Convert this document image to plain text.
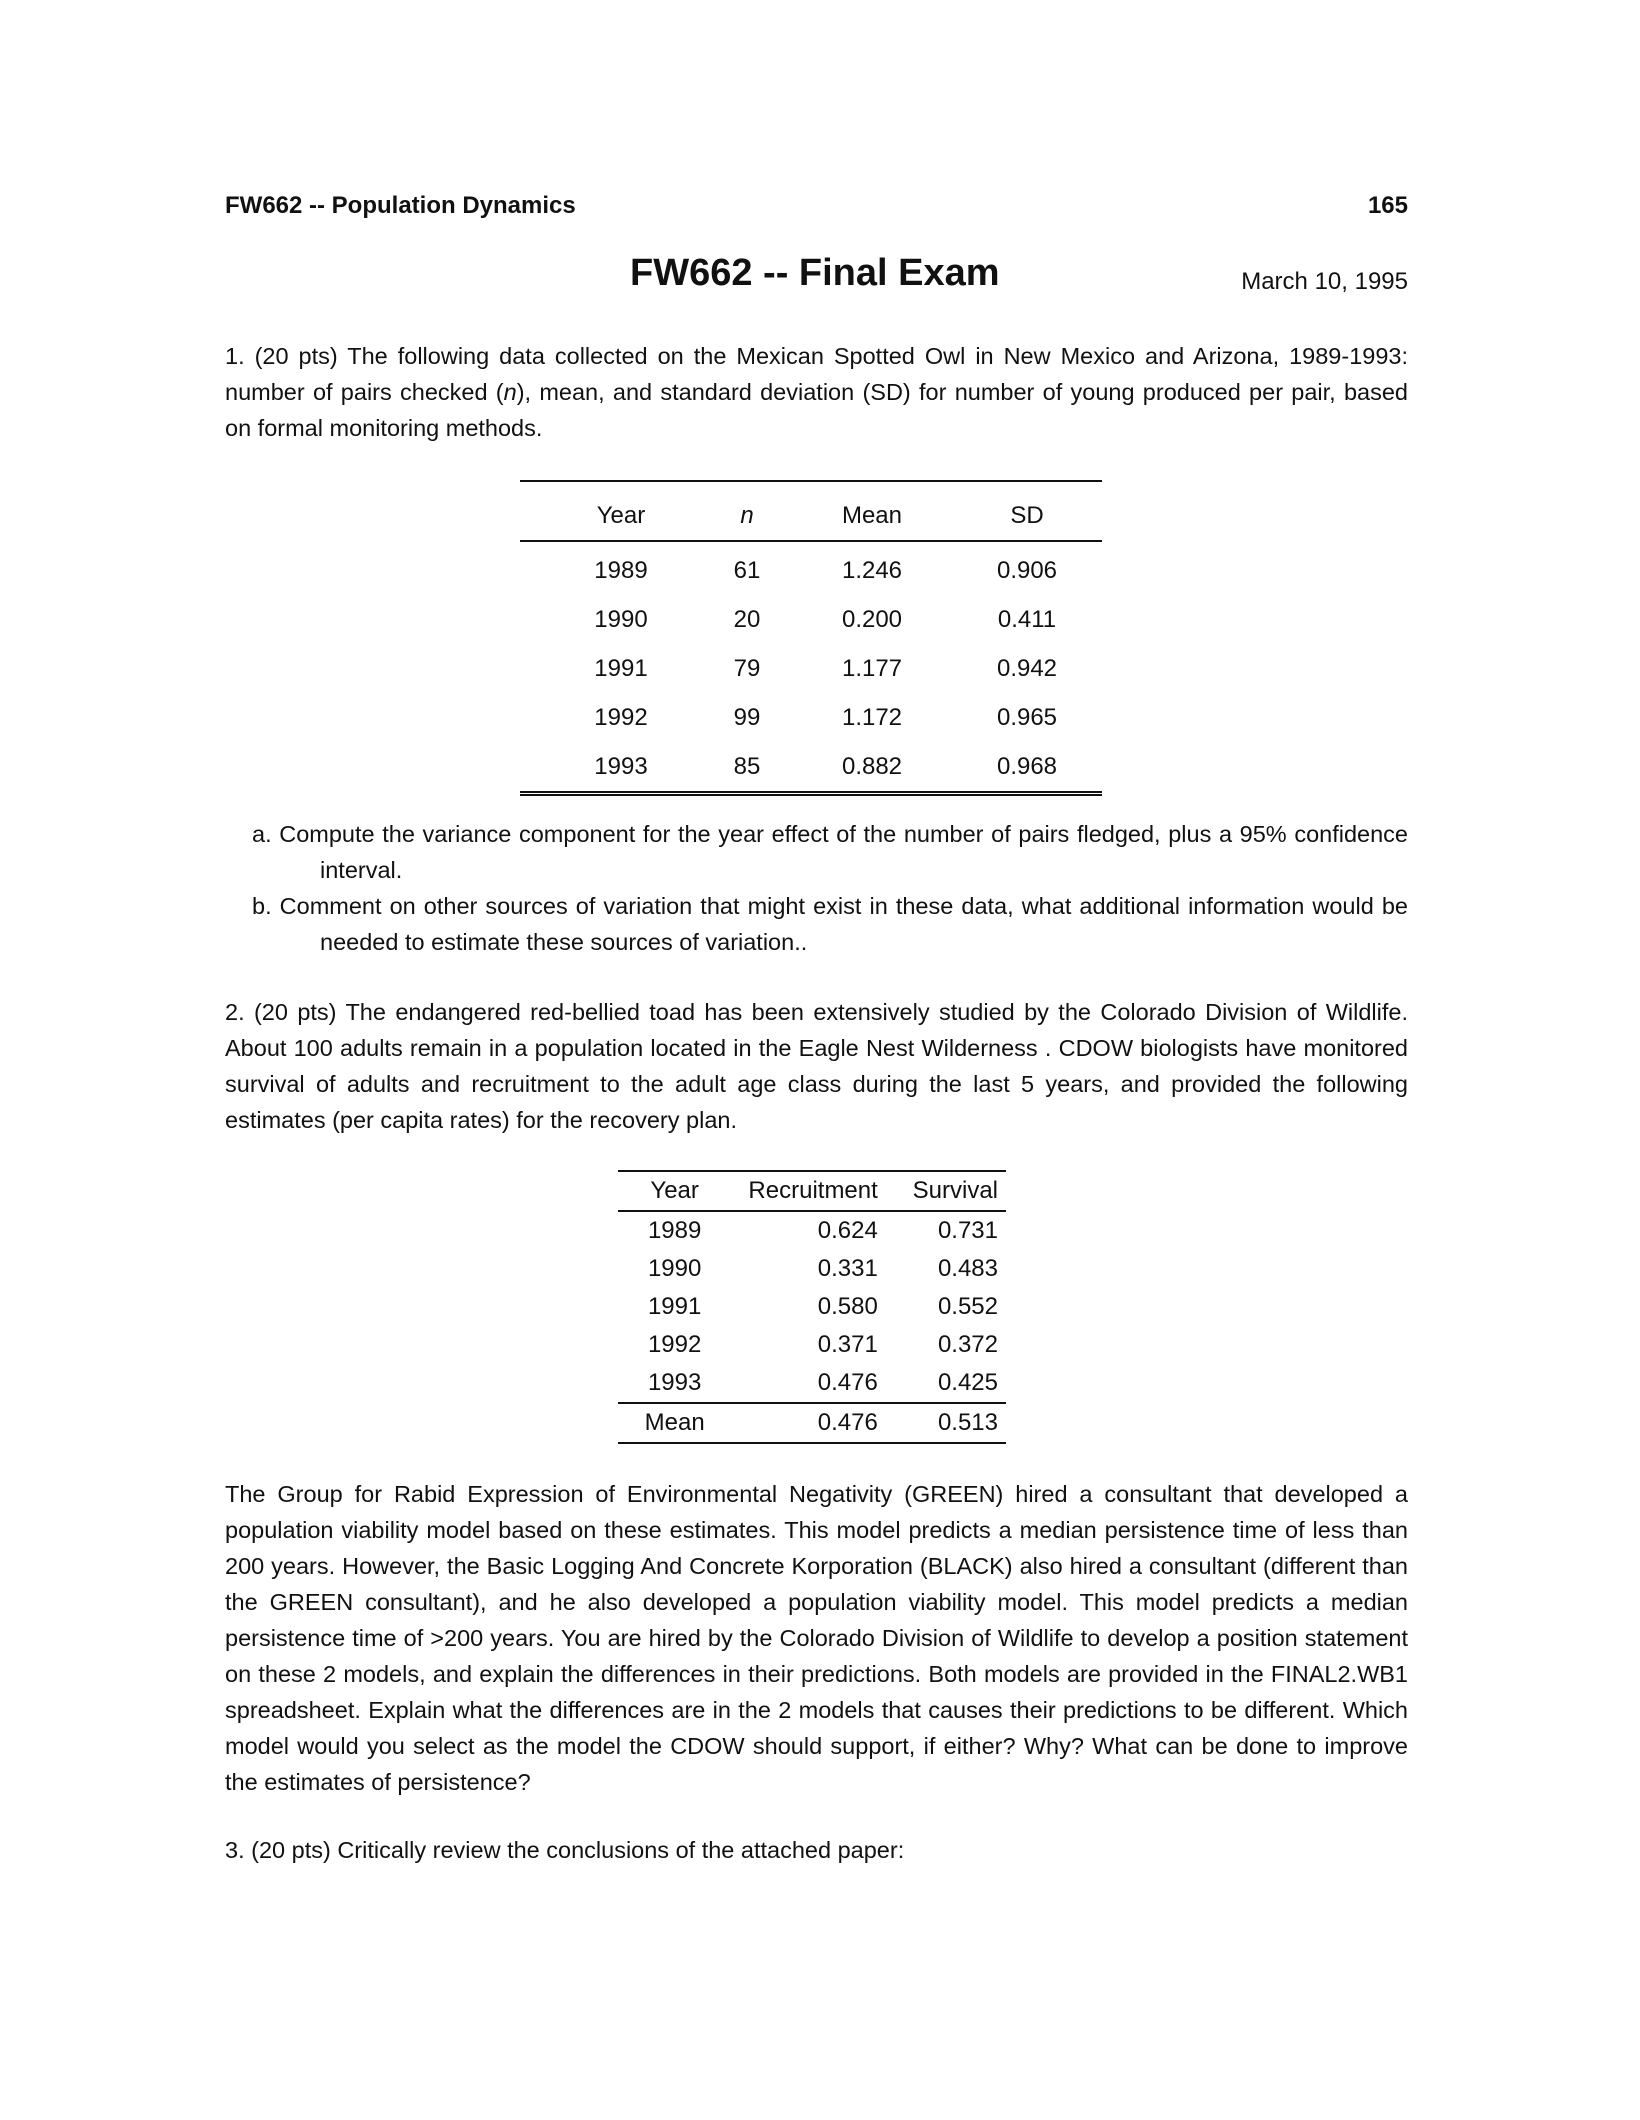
FW662 -- Population Dynamics	165
FW662 -- Final Exam	March 10, 1995

1. (20 pts) The following data collected on the Mexican Spotted Owl in New Mexico and Arizona, 1989-1993: number of pairs checked (n), mean, and standard deviation (SD) for number of young produced per pair, based on formal monitoring methods.

Year	n	Mean	SD
1989	61	1.246	0.906
1990	20	0.200	0.411
1991	79	1.177	0.942
1992	99	1.172	0.965
1993	85	0.882	0.968

a. Compute the variance component for the year effect of the number of pairs fledged, plus a 95% confidence interval.

b. Comment on other sources of variation that might exist in these data, what additional information would be needed to estimate these sources of variation..

2. (20 pts) The endangered red-bellied toad has been extensively studied by the Colorado Division of Wildlife. About 100 adults remain in a population located in the Eagle Nest Wilderness . CDOW biologists have monitored survival of adults and recruitment to the adult age class during the last 5 years, and provided the following estimates (per capita rates) for the recovery plan.

Year	Recruitment	Survival
1989	0.624	0.731
1990	0.331	0.483
1991	0.580	0.552
1992	0.371	0.372
1993	0.476	0.425
Mean	0.476	0.513

The Group for Rabid Expression of Environmental Negativity (GREEN) hired a consultant that developed a population viability model based on these estimates. This model predicts a median persistence time of less than 200 years. However, the Basic Logging And Concrete Korporation (BLACK) also hired a consultant (different than the GREEN consultant), and he also developed a population viability model. This model predicts a median persistence time of >200 years. You are hired by the Colorado Division of Wildlife to develop a position statement on these 2 models, and explain the differences in their predictions. Both models are provided in the FINAL2.WB1 spreadsheet. Explain what the differences are in the 2 models that causes their predictions to be different. Which model would you select as the model the CDOW should support, if either? Why? What can be done to improve the estimates of persistence?

3. (20 pts) Critically review the conclusions of the attached paper:
